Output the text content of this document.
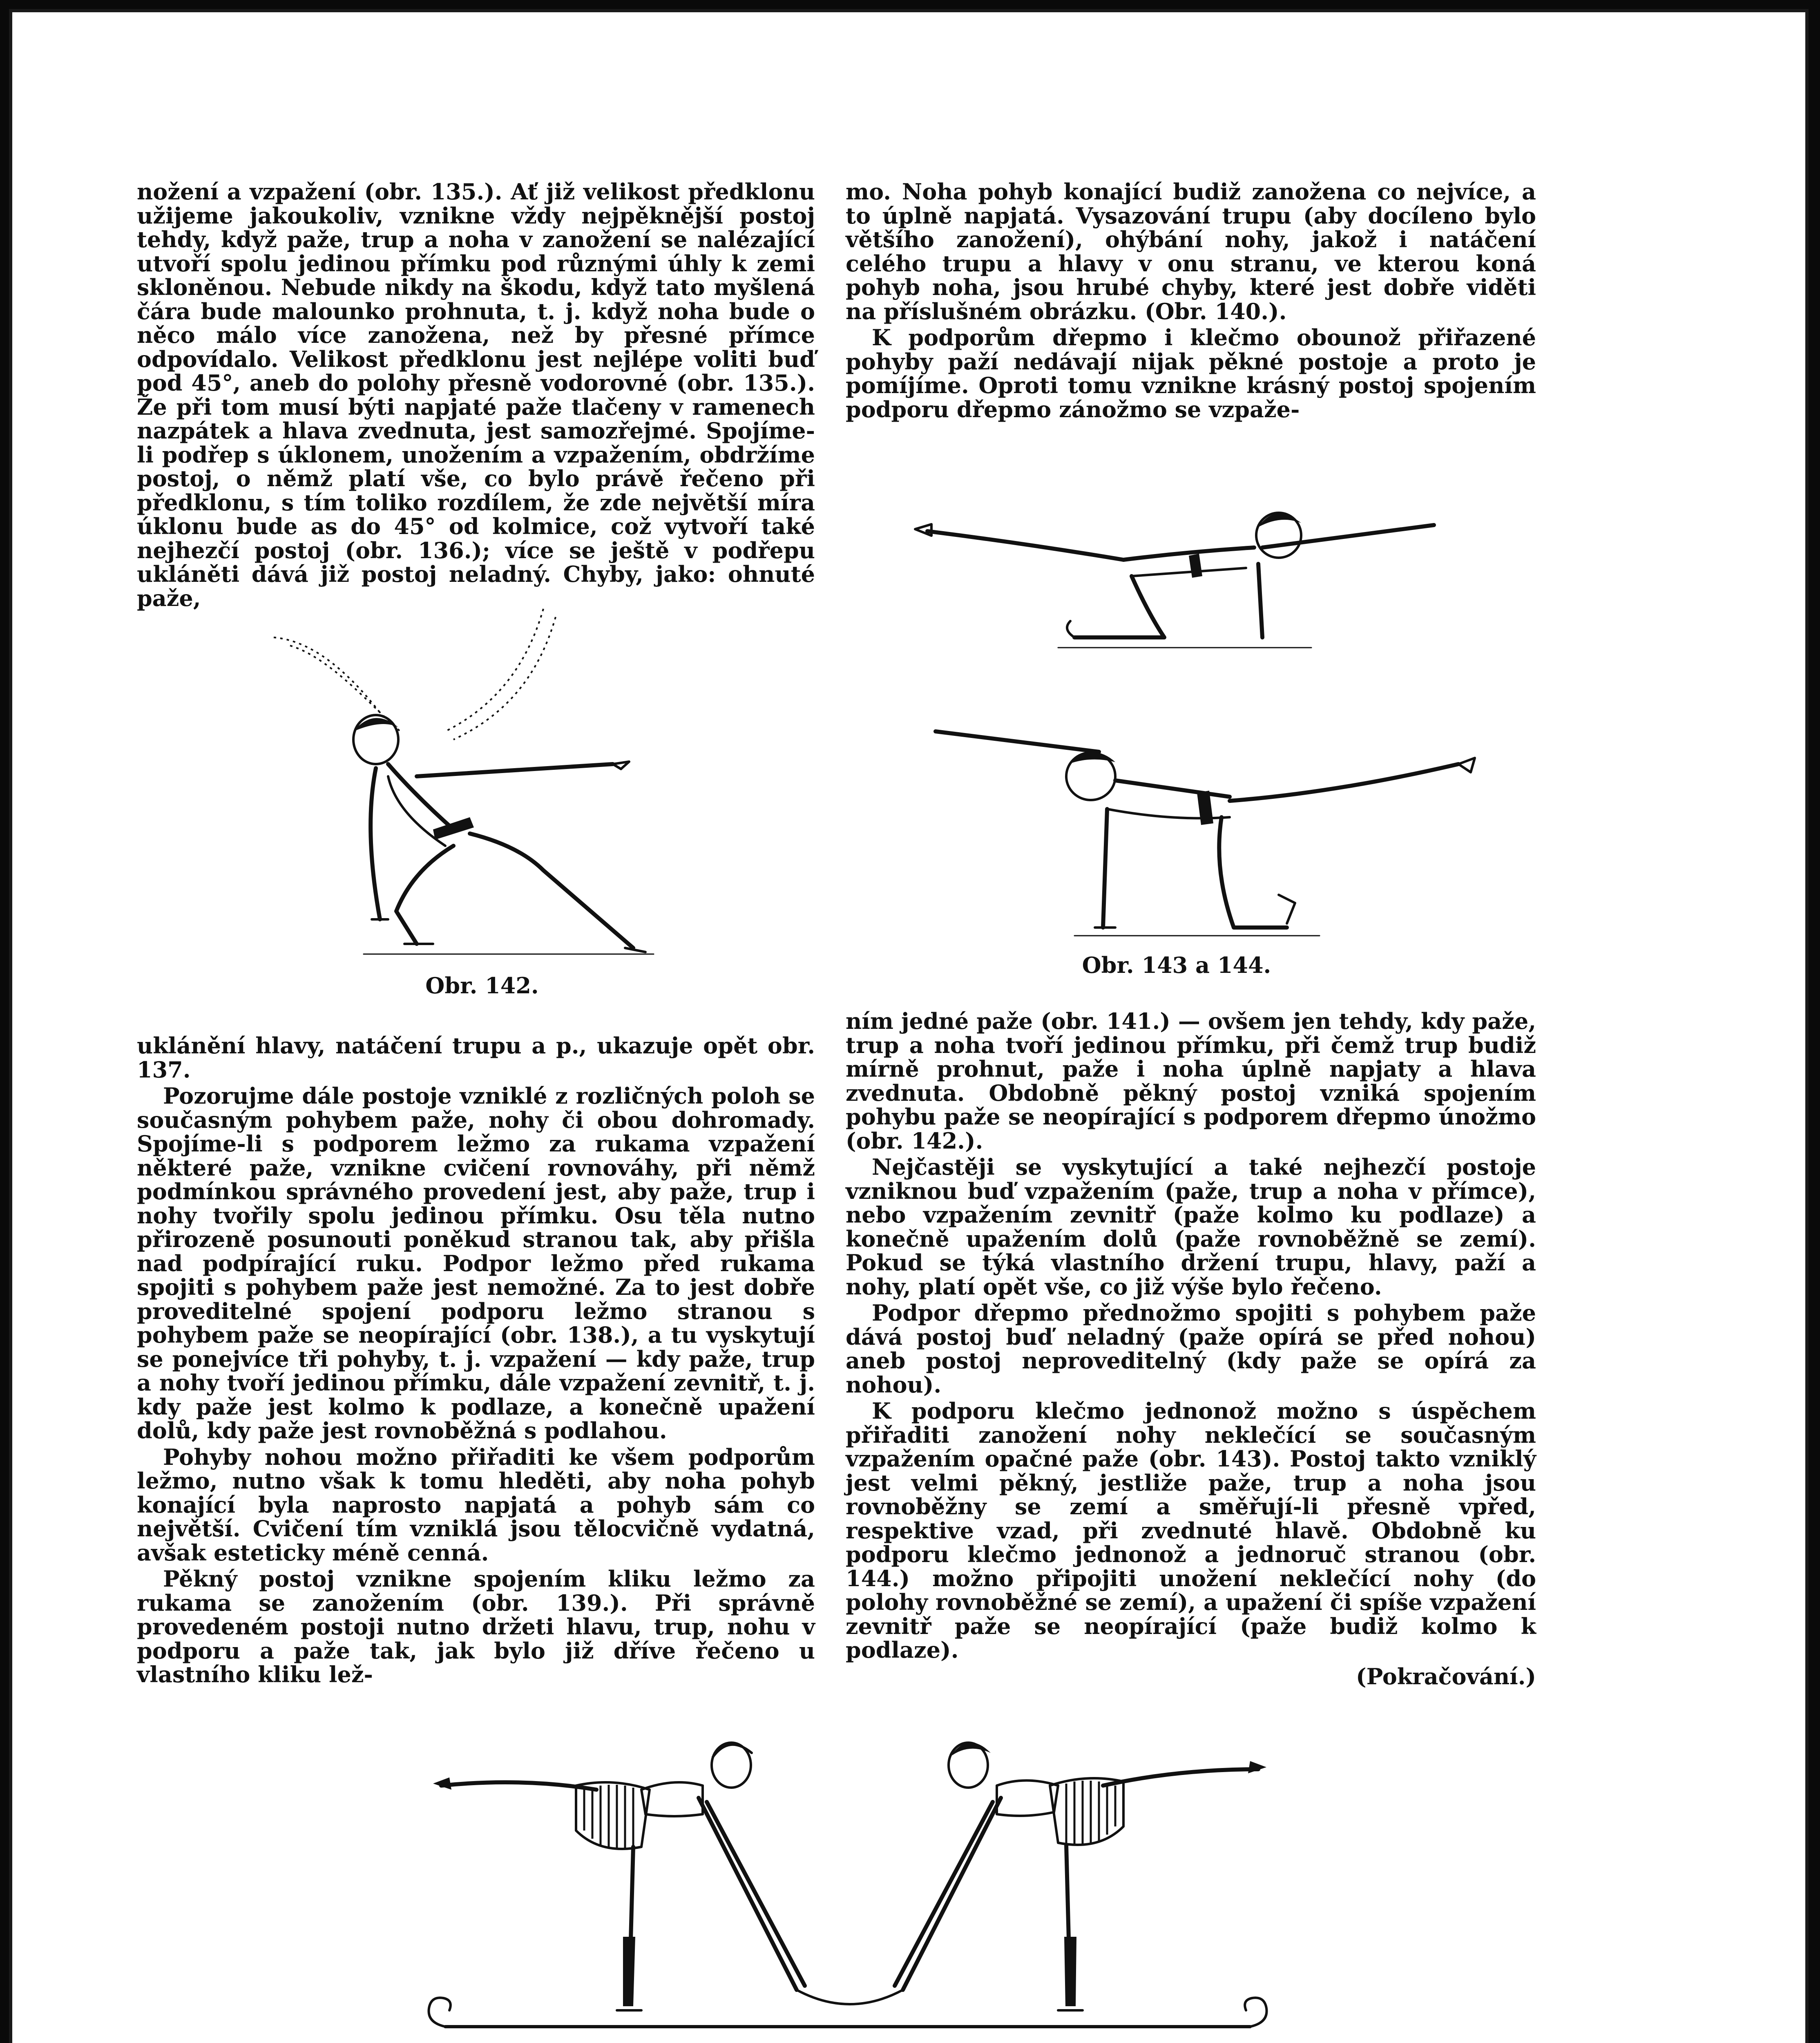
nožení a vzpažení (obr. 135.). Ať již velikost předklonu užijeme jakoukoliv, vznikne vždy nejpěknější postoj tehdy, když paže, trup a noha v zanožení se nalézající utvoří spolu jedinou přímku pod různými úhly k zemi skloněnou. Nebude nikdy na škodu, když tato myšlená čára bude malounko prohnuta, t. j. když noha bude o něco málo více zanožena, než by přesné přímce odpovídalo. Velikost předklonu jest nejlépe voliti buď pod 45°, aneb do polohy přesně vodorovné (obr. 135.). Že při tom musí býti napjaté paže tlačeny v ramenech nazpátek a hlava zvednuta, jest samozřejmé. Spojíme-li podřep s úklonem, unožením a vzpažením, obdržíme postoj, o němž platí vše, co bylo právě řečeno při předklonu, s tím toliko rozdílem, že zde největší míra úklonu bude as do 45° od kolmice, což vytvoří také nejhezčí postoj (obr. 136.); více se ještě v podřepu ukláněti dává již postoj neladný. Chyby, jako: ohnuté paže,

mo. Noha pohyb konající budiž zanožena co nejvíce, a to úplně napjatá. Vysazování trupu (aby docíleno bylo většího zanožení), ohýbání nohy, jakož i natáčení celého trupu a hlavy v onu stranu, ve kterou koná pohyb noha, jsou hrubé chyby, které jest dobře viděti na příslušném obrázku. (Obr. 140.).

K podporům dřepmo i klečmo obounož přiřazené pohyby paží nedávají nijak pěkné postoje a proto je pomíjíme. Oproti tomu vznikne krásný postoj spojením podporu dřepmo zánožmo se vzpaže-

Obr. 142.
Obr. 143 a 144.

uklánění hlavy, natáčení trupu a p., ukazuje opět obr. 137.

Pozorujme dále postoje vzniklé z rozličných poloh se současným pohybem paže, nohy či obou dohromady. Spojíme-li s podporem ležmo za rukama vzpažení některé paže, vznikne cvičení rovnováhy, při němž podmínkou správného provedení jest, aby paže, trup i nohy tvořily spolu jedinou přímku. Osu těla nutno přirozeně posunouti poněkud stranou tak, aby přišla nad podpírající ruku. Podpor ležmo před rukama spojiti s pohybem paže jest nemožné. Za to jest dobře proveditelné spojení podporu ležmo stranou s pohybem paže se neopírající (obr. 138.), a tu vyskytují se ponejvíce tři pohyby, t. j. vzpažení — kdy paže, trup a nohy tvoří jedinou přímku, dále vzpažení zevnitř, t. j. kdy paže jest kolmo k podlaze, a konečně upažení dolů, kdy paže jest rovnoběžná s podlahou.

Pohyby nohou možno přiřaditi ke všem podporům ležmo, nutno však k tomu hleděti, aby noha pohyb konající byla naprosto napjatá a pohyb sám co největší. Cvičení tím vzniklá jsou tělocvičně vydatná, avšak esteticky méně cenná.

Pěkný postoj vznikne spojením kliku ležmo za rukama se zanožením (obr. 139.). Při správně provedeném postoji nutno držeti hlavu, trup, nohu v podporu a paže tak, jak bylo již dříve řečeno u vlastního kliku lež-

ním jedné paže (obr. 141.) — ovšem jen tehdy, kdy paže, trup a noha tvoří jedinou přímku, při čemž trup budiž mírně prohnut, paže i noha úplně napjaty a hlava zvednuta. Obdobně pěkný postoj vzniká spojením pohybu paže se neopírající s podporem dřepmo únožmo (obr. 142.).

Nejčastěji se vyskytující a také nejhezčí postoje vzniknou buď vzpažením (paže, trup a noha v přímce), nebo vzpažením zevnitř (paže kolmo ku podlaze) a konečně upažením dolů (paže rovnoběžně se zemí). Pokud se týká vlastního držení trupu, hlavy, paží a nohy, platí opět vše, co již výše bylo řečeno.

Podpor dřepmo přednožmo spojiti s pohybem paže dává postoj buď neladný (paže opírá se před nohou) aneb postoj neproveditelný (kdy paže se opírá za nohou).

K podporu klečmo jednonož možno s úspěchem přiřaditi zanožení nohy neklečící se současným vzpažením opačné paže (obr. 143). Postoj takto vzniklý jest velmi pěkný, jestliže paže, trup a noha jsou rovnoběžny se zemí a směřují-li přesně vpřed, respektive vzad, při zvednuté hlavě. Obdobně ku podporu klečmo jednonož a jednoruč stranou (obr. 144.) možno připojiti unožení neklečící nohy (do polohy rovnoběžné se zemí), a upažení či spíše vzpažení zevnitř paže se neopírající (paže budiž kolmo k podlaze).

(Pokračování.)
